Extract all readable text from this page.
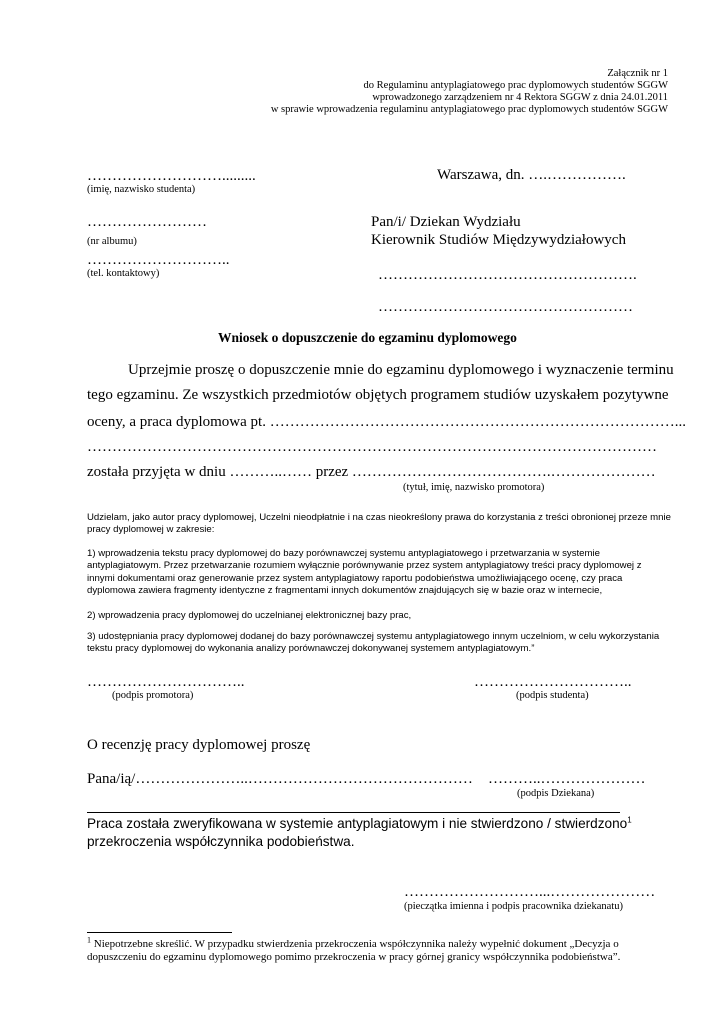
Załącznik nr 1
do Regulaminu antyplagiatowego prac dyplomowych studentów SGGW
wprowadzonego zarządzeniem nr 4 Rektora SGGW z dnia 24.01.2011
w sprawie wprowadzenia regulaminu antyplagiatowego prac dyplomowych studentów SGGW
……………………….........
(imię, nazwisko studenta)
Warszawa, dn. ….…………….
……………………
(nr albumu)
………………………..
(tel. kontaktowy)
Pan/i/ Dziekan Wydziału
Kierownik Studiów Międzywydziałowych
…………………………………………….
……………………………………………
Wniosek o dopuszczenie do egzaminu dyplomowego
Uprzejmie proszę o dopuszczenie mnie do egzaminu dyplomowego i wyznaczenie terminu
tego egzaminu. Ze wszystkich przedmiotów objętych programem studiów uzyskałem pozytywne
oceny, a praca dyplomowa pt. ………………………………………………………………………...
……………………………………………………………………………………………………
została przyjęta w dniu ………..…… przez ………………………………….…………………
(tytuł, imię, nazwisko promotora)
Udzielam, jako autor pracy dyplomowej, Uczelni nieodpłatnie i na czas nieokreślony prawa do korzystania z treści obronionej przeze mnie pracy dyplomowej w zakresie:
1) wprowadzenia tekstu pracy dyplomowej do bazy porównawczej systemu antyplagiatowego i przetwarzania w systemie antyplagiatowym. Przez przetwarzanie rozumiem wyłącznie porównywanie przez system antyplagiatowy treści pracy dyplomowej z innymi dokumentami oraz generowanie przez system antyplagiatowy raportu podobieństwa umożliwiającego ocenę, czy praca dyplomowa zawiera fragmenty identyczne z fragmentami innych dokumentów znajdujących się w bazie oraz w internecie,
2) wprowadzenia pracy dyplomowej do uczelnianej elektronicznej bazy prac,
3) udostępniania pracy dyplomowej dodanej do bazy porównawczej systemu antyplagiatowego innym uczelniom, w celu wykorzystania tekstu pracy dyplomowej do wykonania analizy porównawczej dokonywanej systemem antyplagiatowym.”
…………………………..
(podpis promotora)
…………………………..
(podpis studenta)
O recenzję pracy dyplomowej proszę
Pana/ią/…………………..……………………………………… ………..…………………
(podpis Dziekana)
Praca została zweryfikowana w systemie antyplagiatowym i nie stwierdzono / stwierdzono$^1$
przekroczenia współczynnika podobieństwa.
………………………...…………………
(pieczątka imienna i podpis pracownika dziekanatu)
$^1$ Niepotrzebne skreślić. W przypadku stwierdzenia przekroczenia współczynnika należy wypełnić dokument „Decyzja o dopuszczeniu do egzaminu dyplomowego pomimo przekroczenia w pracy górnej granicy współczynnika podobieństwa”.
